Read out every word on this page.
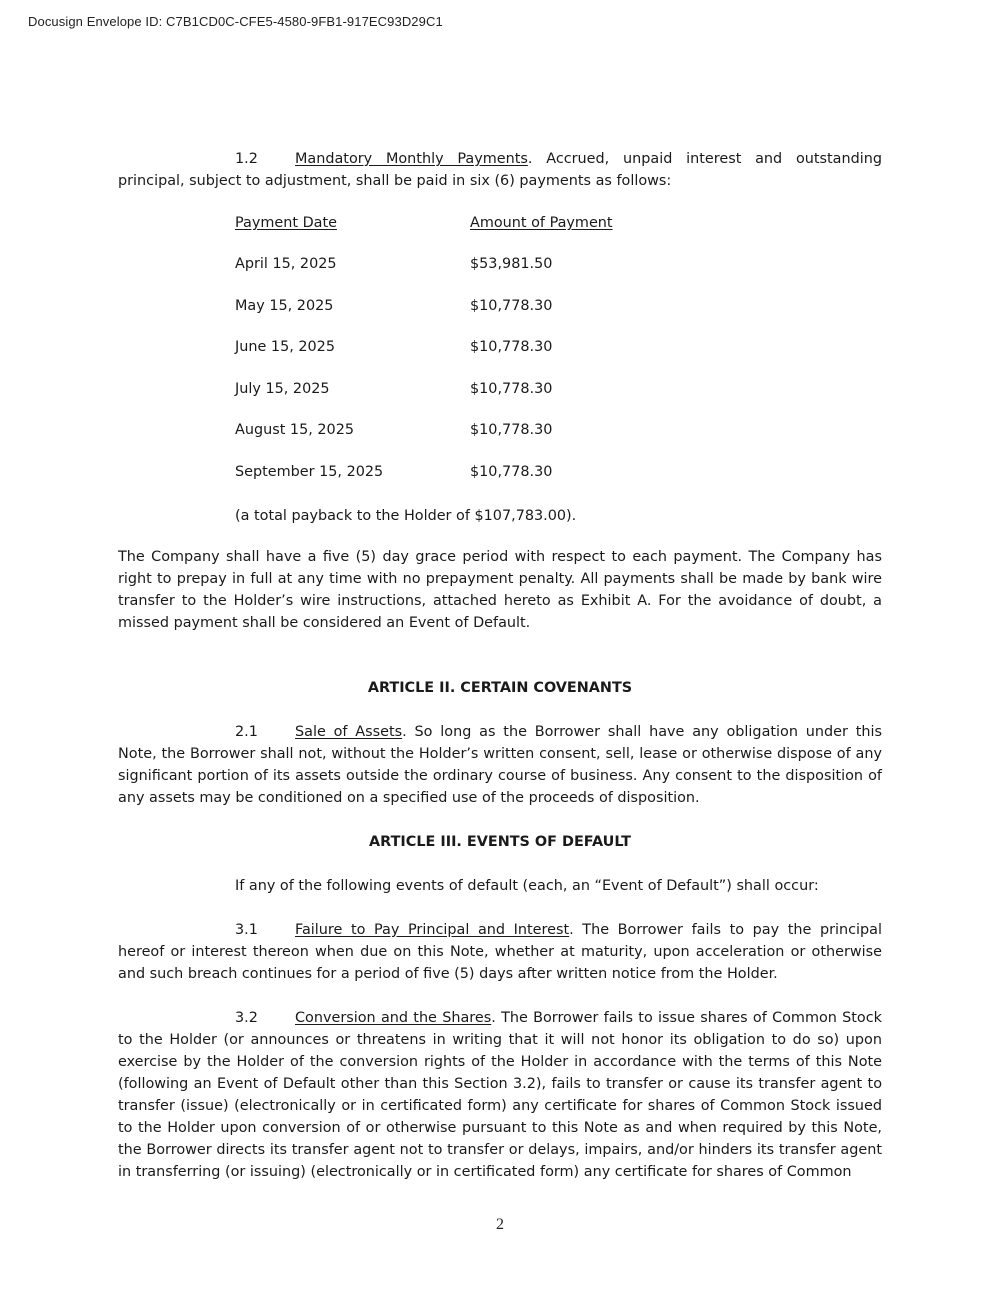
Docusign Envelope ID: C7B1CD0C-CFE5-4580-9FB1-917EC93D29C1

1.2	Mandatory Monthly Payments. Accrued, unpaid interest and outstanding principal, subject to adjustment, shall be paid in six (6) payments as follows:

Payment Date	Amount of Payment
April 15, 2025	$53,981.50
May 15, 2025	$10,778.30
June 15, 2025	$10,778.30
July 15, 2025	$10,778.30
August 15, 2025	$10,778.30
September 15, 2025	$10,778.30

(a total payback to the Holder of $107,783.00).

The Company shall have a five (5) day grace period with respect to each payment. The Company has right to prepay in full at any time with no prepayment penalty. All payments shall be made by bank wire transfer to the Holder’s wire instructions, attached hereto as Exhibit A. For the avoidance of doubt, a missed payment shall be considered an Event of Default.

ARTICLE II. CERTAIN COVENANTS

2.1	Sale of Assets. So long as the Borrower shall have any obligation under this Note, the Borrower shall not, without the Holder’s written consent, sell, lease or otherwise dispose of any significant portion of its assets outside the ordinary course of business. Any consent to the disposition of any assets may be conditioned on a specified use of the proceeds of disposition.

ARTICLE III. EVENTS OF DEFAULT

If any of the following events of default (each, an “Event of Default”) shall occur:

3.1	Failure to Pay Principal and Interest. The Borrower fails to pay the principal hereof or interest thereon when due on this Note, whether at maturity, upon acceleration or otherwise and such breach continues for a period of five (5) days after written notice from the Holder.

3.2	Conversion and the Shares. The Borrower fails to issue shares of Common Stock to the Holder (or announces or threatens in writing that it will not honor its obligation to do so) upon exercise by the Holder of the conversion rights of the Holder in accordance with the terms of this Note (following an Event of Default other than this Section 3.2), fails to transfer or cause its transfer agent to transfer (issue) (electronically or in certificated form) any certificate for shares of Common Stock issued to the Holder upon conversion of or otherwise pursuant to this Note as and when required by this Note, the Borrower directs its transfer agent not to transfer or delays, impairs, and/or hinders its transfer agent in transferring (or issuing) (electronically or in certificated form) any certificate for shares of Common

2
